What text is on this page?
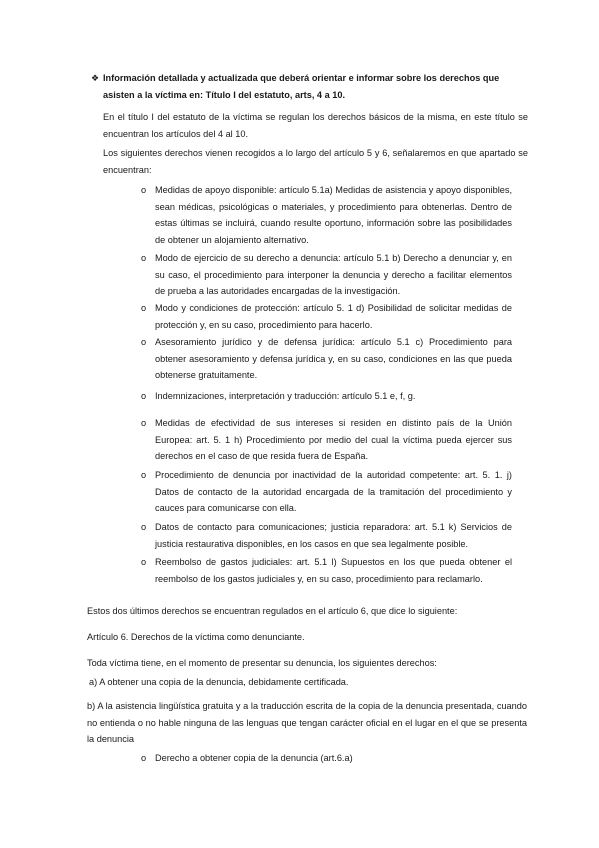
❖ Información detallada y actualizada que deberá orientar e informar sobre los derechos que asisten a la víctima en: Título I del estatuto, arts, 4 a 10.
En el título I del estatuto de la víctima se regulan los derechos básicos de la misma, en este título se encuentran los artículos del 4 al 10.
Los siguientes derechos vienen recogidos a lo largo del artículo 5 y 6, señalaremos en que apartado se encuentran:
o Medidas de apoyo disponible: artículo 5.1a) Medidas de asistencia y apoyo disponibles, sean médicas, psicológicas o materiales, y procedimiento para obtenerlas. Dentro de estas últimas se incluirá, cuando resulte oportuno, información sobre las posibilidades de obtener un alojamiento alternativo.
o Modo de ejercicio de su derecho a denuncia: artículo 5.1 b) Derecho a denunciar y, en su caso, el procedimiento para interponer la denuncia y derecho a facilitar elementos de prueba a las autoridades encargadas de la investigación.
o Modo y condiciones de protección: artículo 5. 1 d) Posibilidad de solicitar medidas de protección y, en su caso, procedimiento para hacerlo.
o Asesoramiento jurídico y de defensa jurídica: artículo 5.1 c) Procedimiento para obtener asesoramiento y defensa jurídica y, en su caso, condiciones en las que pueda obtenerse gratuitamente.
o Indemnizaciones, interpretación y traducción: artículo 5.1 e, f, g.
o Medidas de efectividad de sus intereses si residen en distinto país de la Unión Europea: art. 5. 1 h) Procedimiento por medio del cual la víctima pueda ejercer sus derechos en el caso de que resida fuera de España.
o Procedimiento de denuncia por inactividad de la autoridad competente: art. 5. 1. j) Datos de contacto de la autoridad encargada de la tramitación del procedimiento y cauces para comunicarse con ella.
o Datos de contacto para comunicaciones; justicia reparadora: art. 5.1 k) Servicios de justicia restaurativa disponibles, en los casos en que sea legalmente posible.
o Reembolso de gastos judiciales: art. 5.1 l) Supuestos en los que pueda obtener el reembolso de los gastos judiciales y, en su caso, procedimiento para reclamarlo.
Estos dos últimos derechos se encuentran regulados en el artículo 6, que dice lo siguiente:
Artículo 6. Derechos de la víctima como denunciante.
Toda víctima tiene, en el momento de presentar su denuncia, los siguientes derechos:
a) A obtener una copia de la denuncia, debidamente certificada.
b) A la asistencia lingüística gratuita y a la traducción escrita de la copia de la denuncia presentada, cuando no entienda o no hable ninguna de las lenguas que tengan carácter oficial en el lugar en el que se presenta la denuncia
o Derecho a obtener copia de la denuncia (art.6.a)
